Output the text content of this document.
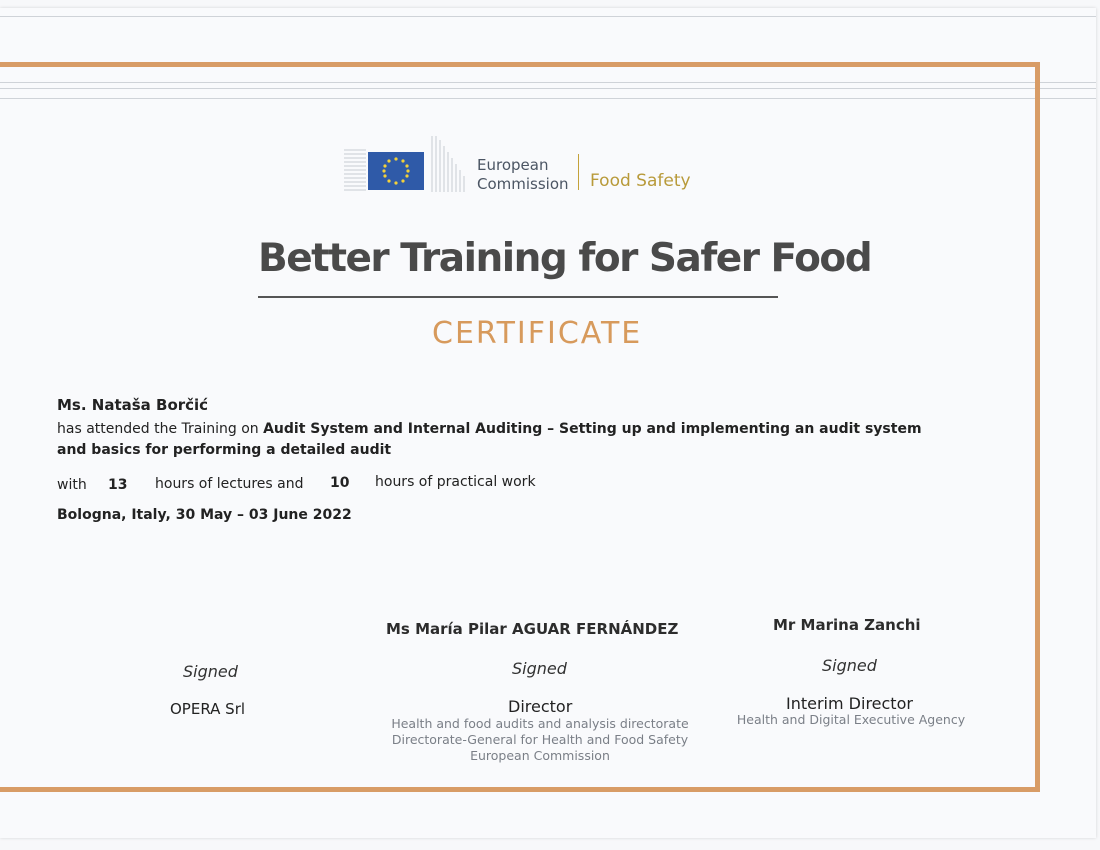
European
Commission Food Safety
Better Training for Safer Food
CERTIFICATE
Ms. Nataša Borčić
has attended the Training on Audit System and Internal Auditing – Setting up and implementing an audit system
and basics for performing a detailed audit
with 13 hours of lectures and 10 hours of practical work
Bologna, Italy, 30 May – 03 June 2022
Signed
OPERA Srl
Ms María Pilar AGUAR FERNÁNDEZ
Signed
Director
Health and food audits and analysis directorate
Directorate-General for Health and Food Safety
European Commission
Mr Marina Zanchi
Signed
Interim Director
Health and Digital Executive Agency
